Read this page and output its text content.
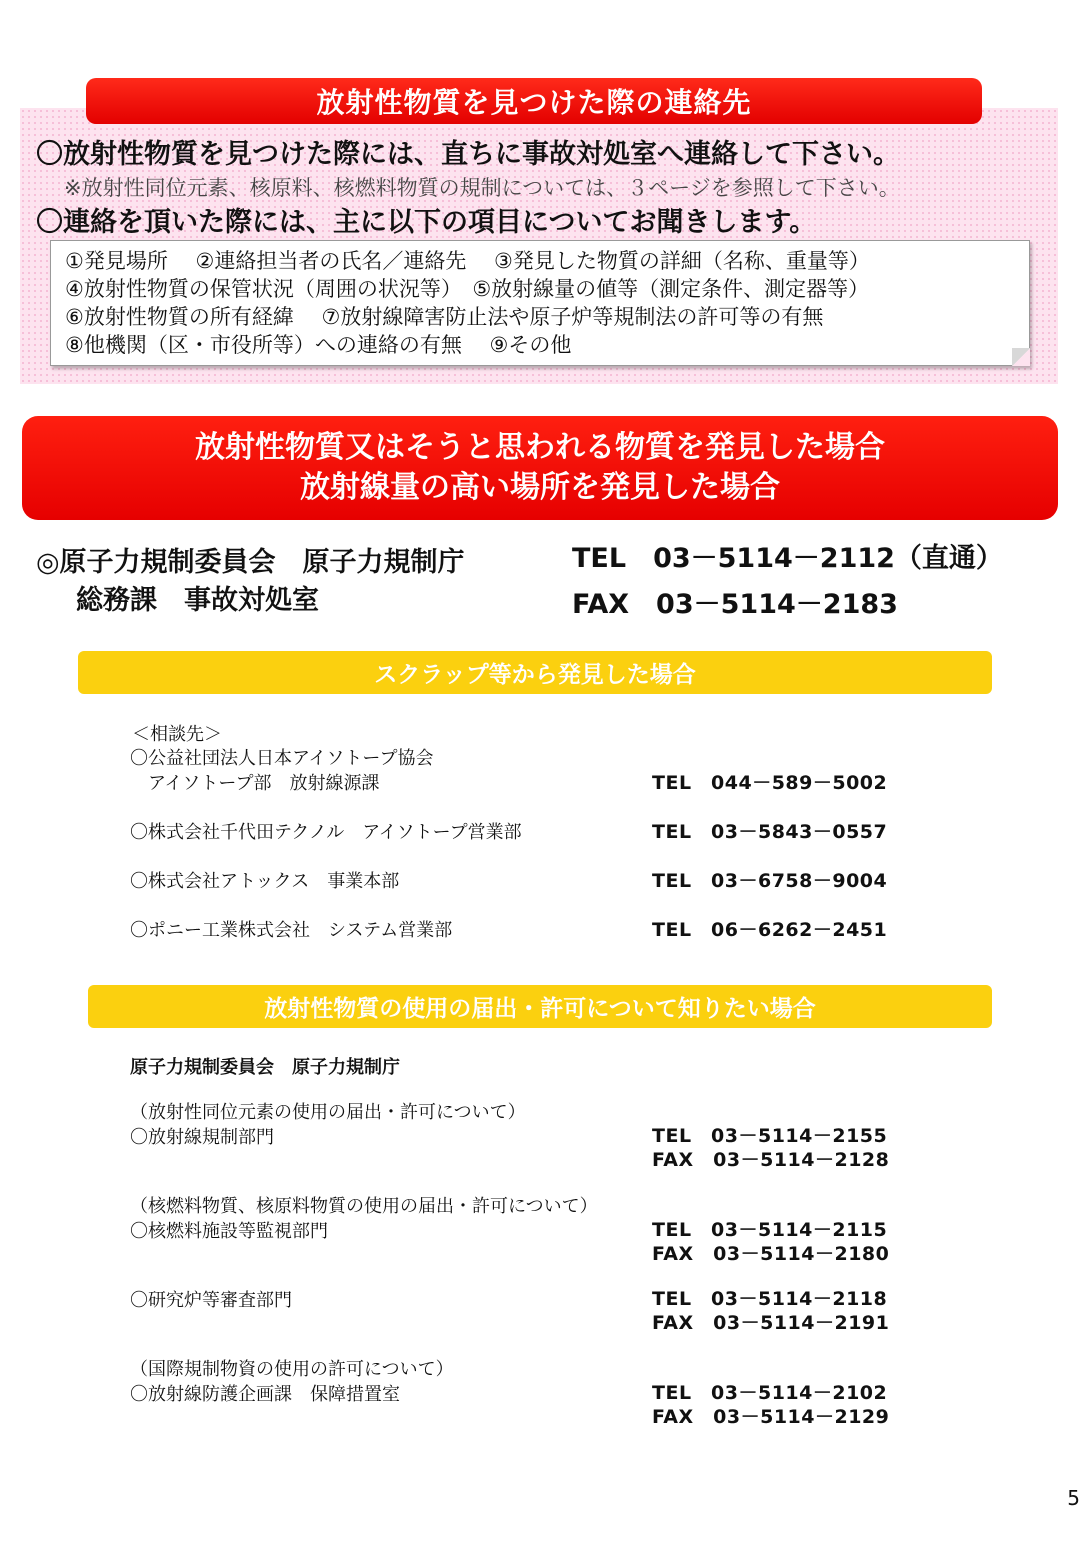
放射性物質を見つけた際の連絡先
〇放射性物質を見つけた際には、直ちに事故対処室へ連絡して下さい。
※放射性同位元素、核原料、核燃料物質の規制については、３ページを参照して下さい。
〇連絡を頂いた際には、主に以下の項目についてお聞きします。
①発見場所　 ②連絡担当者の氏名／連絡先　 ③発見した物質の詳細（名称、重量等）
④放射性物質の保管状況（周囲の状況等）　⑤放射線量の値等（測定条件、測定器等）
⑥放射性物質の所有経緯　 ⑦放射線障害防止法や原子炉等規制法の許可等の有無
⑧他機関（区・市役所等）への連絡の有無　 ⑨その他
放射性物質又はそうと思われる物質を発見した場合
放射線量の高い場所を発見した場合
◎原子力規制委員会　原子力規制庁
総務課　事故対処室
TEL　03－5114－2112（直通）
FAX　03－5114－2183
スクラップ等から発見した場合
＜相談先＞
〇公益社団法人日本アイソトープ協会
アイソトープ部　放射線源課	TEL　044－589－5002
〇株式会社千代田テクノル　アイソトープ営業部	TEL　03－5843－0557
〇株式会社アトックス　事業本部	TEL　03－6758－9004
〇ポニー工業株式会社　システム営業部	TEL　06－6262－2451
放射性物質の使用の届出・許可について知りたい場合
原子力規制委員会　原子力規制庁
（放射性同位元素の使用の届出・許可について）
〇放射線規制部門	TEL　03－5114－2155
FAX　03－5114－2128
（核燃料物質、核原料物質の使用の届出・許可について）
〇核燃料施設等監視部門	TEL　03－5114－2115
FAX　03－5114－2180
〇研究炉等審査部門	TEL　03－5114－2118
FAX　03－5114－2191
（国際規制物資の使用の許可について）
〇放射線防護企画課　保障措置室	TEL　03－5114－2102
FAX　03－5114－2129
5
